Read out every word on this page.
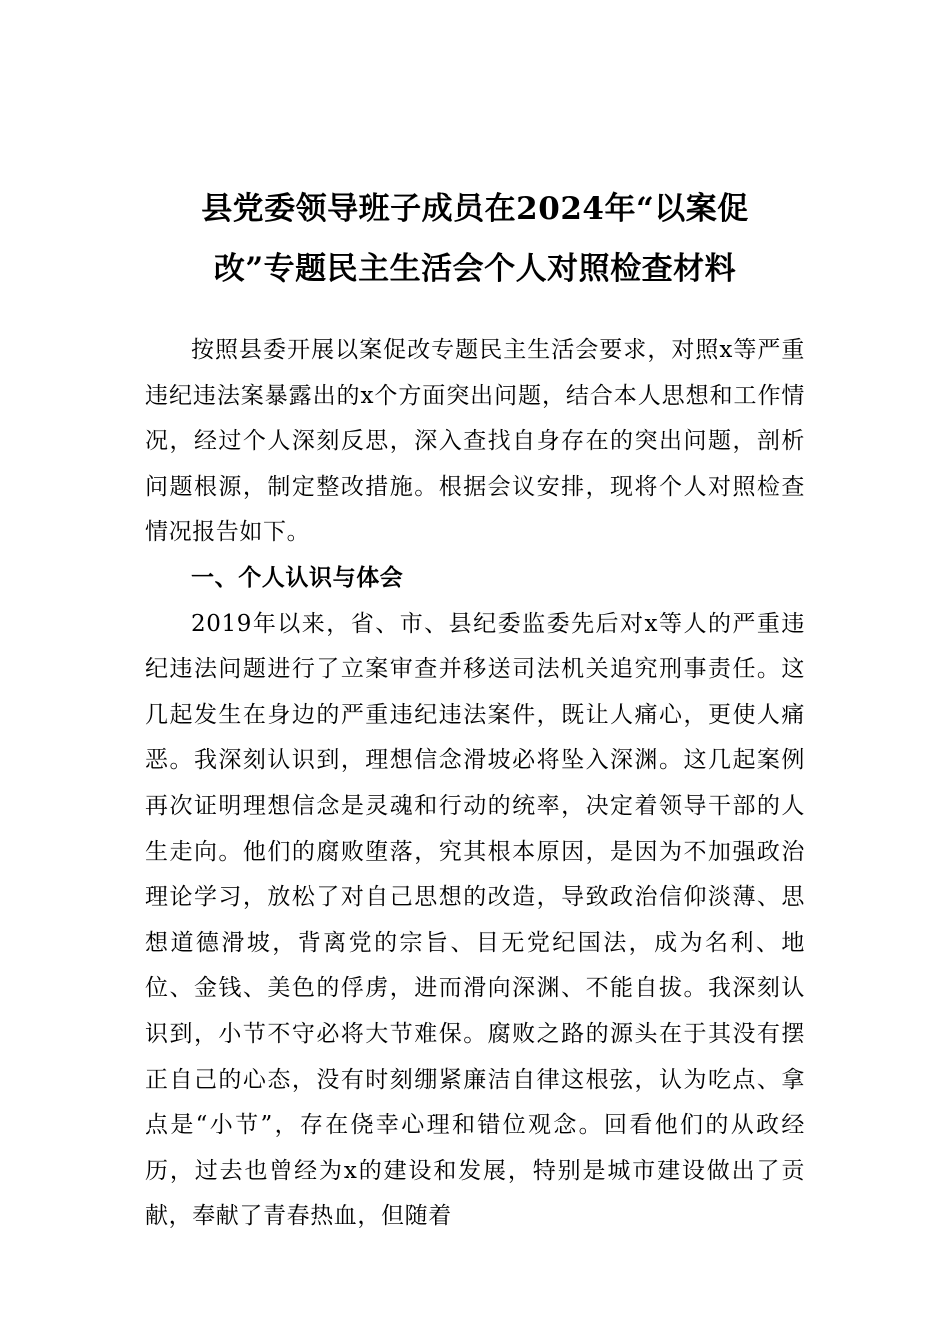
县党委领导班子成员在2024年“以案促
改”专题民主生活会个人对照检查材料

按照县委开展以案促改专题民主生活会要求，对照x等严重违纪违法案暴露出的x个方面突出问题，结合本人思想和工作情况，经过个人深刻反思，深入查找自身存在的突出问题，剖析问题根源，制定整改措施。根据会议安排，现将个人对照检查情况报告如下。

一、个人认识与体会

2019年以来，省、市、县纪委监委先后对x等人的严重违纪违法问题进行了立案审查并移送司法机关追究刑事责任。这几起发生在身边的严重违纪违法案件，既让人痛心，更使人痛恶。我深刻认识到，理想信念滑坡必将坠入深渊。这几起案例再次证明理想信念是灵魂和行动的统率，决定着领导干部的人生走向。他们的腐败堕落，究其根本原因，是因为不加强政治理论学习，放松了对自己思想的改造，导致政治信仰淡薄、思想道德滑坡，背离党的宗旨、目无党纪国法，成为名利、地位、金钱、美色的俘虏，进而滑向深渊、不能自拔。我深刻认识到，小节不守必将大节难保。腐败之路的源头在于其没有摆正自己的心态，没有时刻绷紧廉洁自律这根弦，认为吃点、拿点是“小节”，存在侥幸心理和错位观念。回看他们的从政经历，过去也曾经为x的建设和发展，特别是城市建设做出了贡献，奉献了青春热血，但随着
